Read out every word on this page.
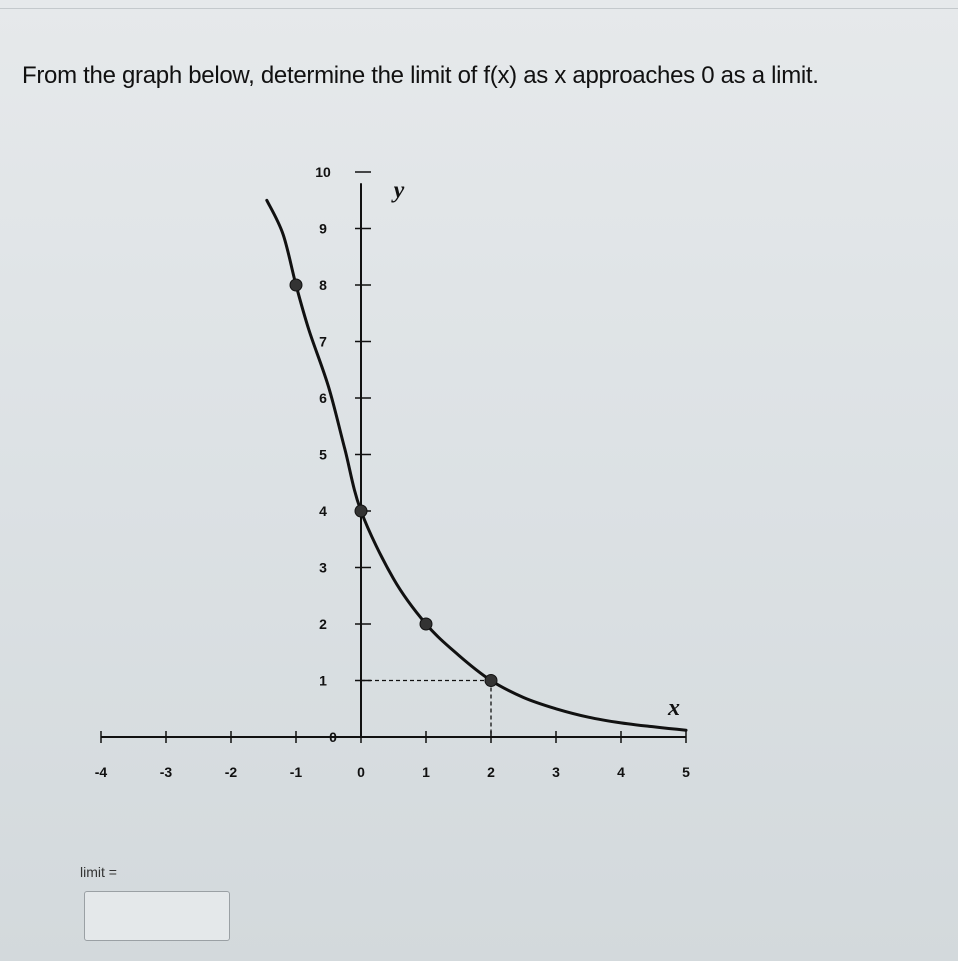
From the graph below, determine the limit of f(x) as x approaches 0 as a limit.
-4	-3	-2	-1	0	1	2	3	4	5
1
2
3
4
5
6
7
8
9
10
0
y
x
limit =
